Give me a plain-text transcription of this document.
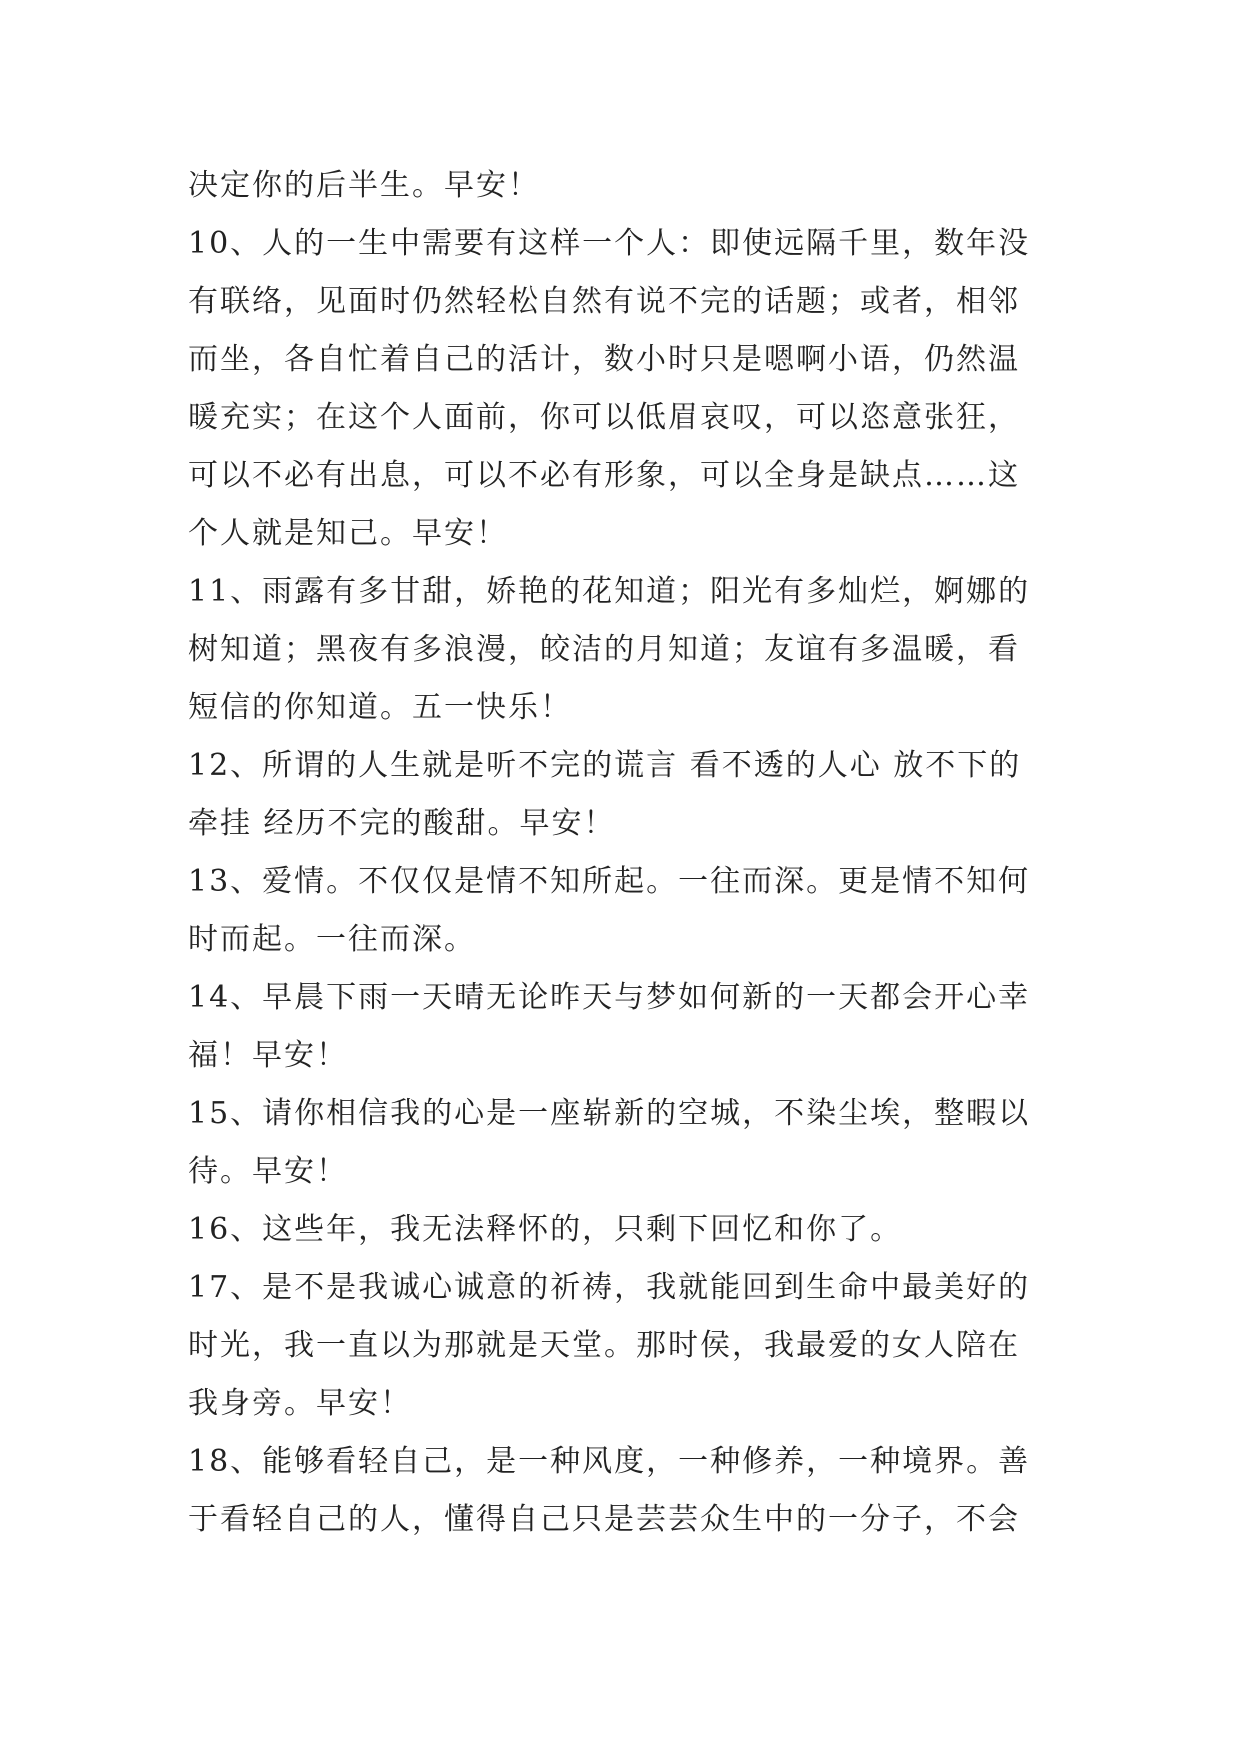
决定你的后半生。早安！
10、人的一生中需要有这样一个人：即使远隔千里，数年没
有联络，见面时仍然轻松自然有说不完的话题；或者，相邻
而坐，各自忙着自己的活计，数小时只是嗯啊小语，仍然温
暖充实；在这个人面前，你可以低眉哀叹，可以恣意张狂，
可以不必有出息，可以不必有形象，可以全身是缺点……这
个人就是知己。早安！
11、雨露有多甘甜，娇艳的花知道；阳光有多灿烂，婀娜的
树知道；黑夜有多浪漫，皎洁的月知道；友谊有多温暖，看
短信的你知道。五一快乐！
12、所谓的人生就是听不完的谎言 看不透的人心 放不下的
牵挂 经历不完的酸甜。早安！
13、爱情。不仅仅是情不知所起。一往而深。更是情不知何
时而起。一往而深。
14、早晨下雨一天晴无论昨天与梦如何新的一天都会开心幸
福！早安！
15、请你相信我的心是一座崭新的空城，不染尘埃，整暇以
待。早安！
16、这些年，我无法释怀的，只剩下回忆和你了。
17、是不是我诚心诚意的祈祷，我就能回到生命中最美好的
时光，我一直以为那就是天堂。那时侯，我最爱的女人陪在
我身旁。早安！
18、能够看轻自己，是一种风度，一种修养，一种境界。善
于看轻自己的人，懂得自己只是芸芸众生中的一分子，不会
